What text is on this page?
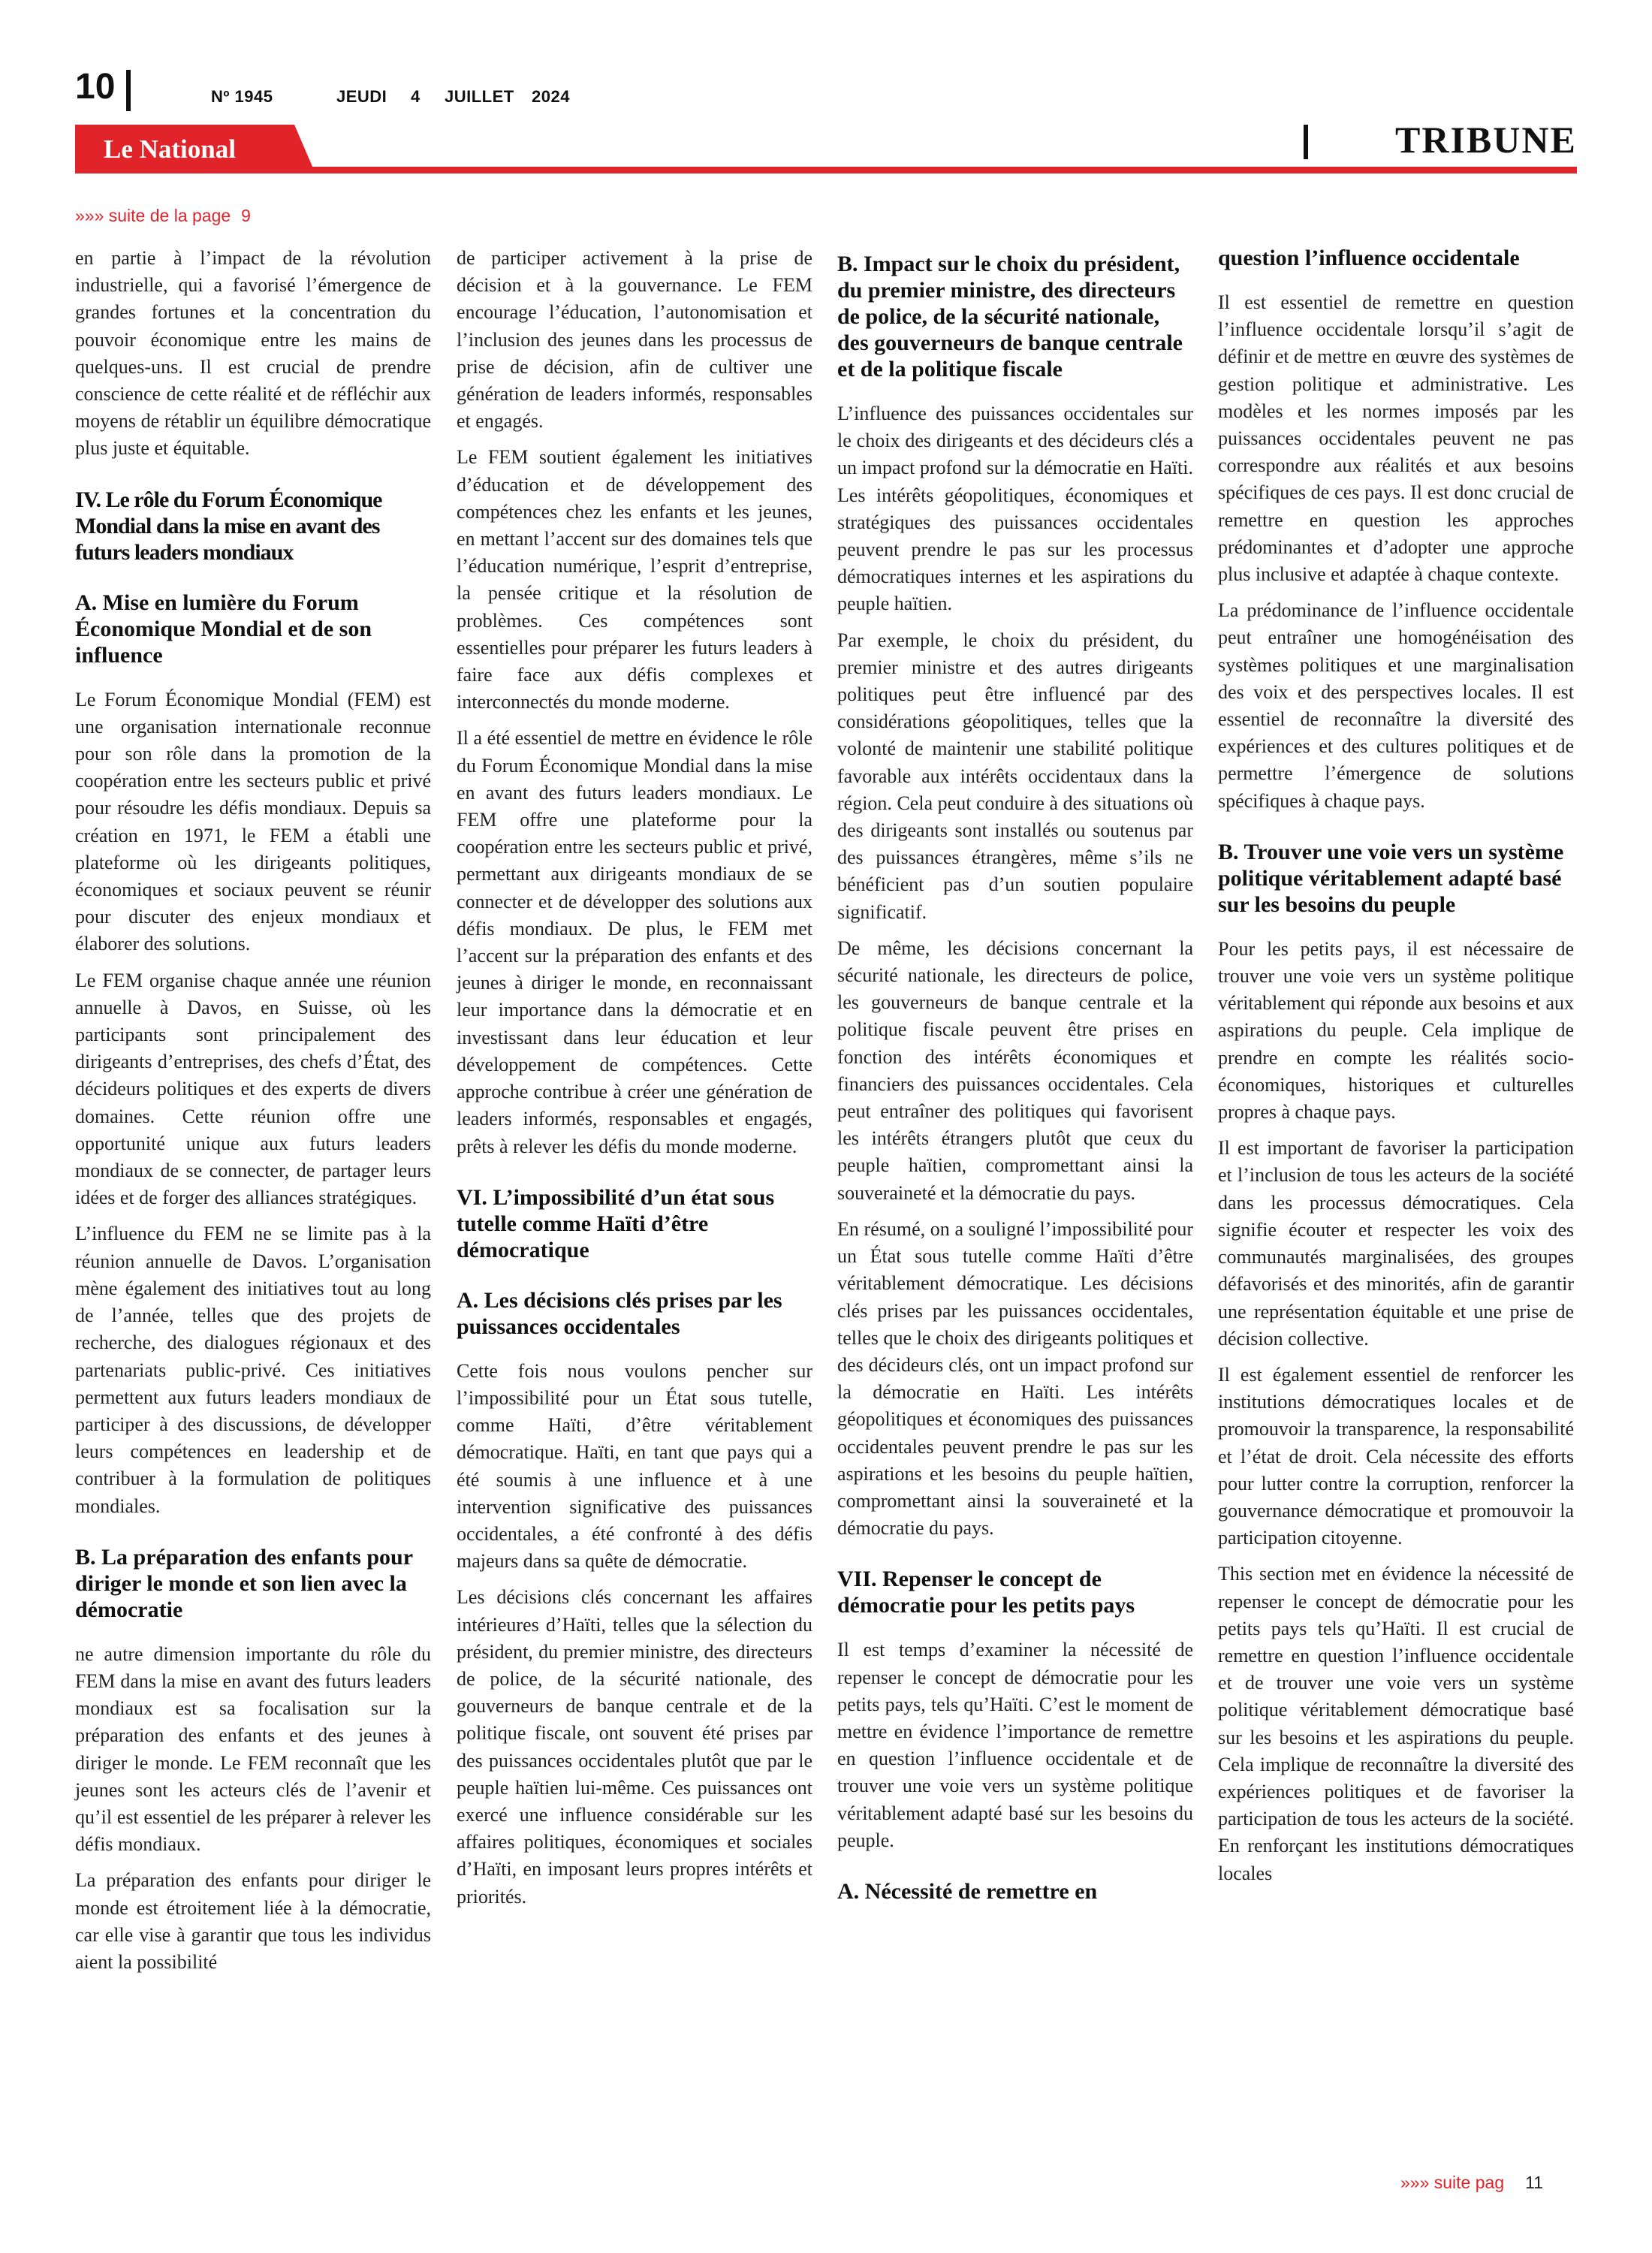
10	Nº 1945	JEUDI 4 JUILLET 2024
Le National	TRIBUNE
»»» suite de la page 9

en partie à l’impact de la révolution industrielle, qui a favorisé l’émergence de grandes fortunes et la concentration du pouvoir économique entre les mains de quelques-uns. Il est crucial de prendre conscience de cette réalité et de réfléchir aux moyens de rétablir un équilibre démocratique plus juste et équitable.

IV. Le rôle du Forum Économique Mondial dans la mise en avant des futurs leaders mondiaux
A. Mise en lumière du Forum Économique Mondial et de son influence

Le Forum Économique Mondial (FEM) est une organisation internationale reconnue pour son rôle dans la promotion de la coopération entre les secteurs public et privé pour résoudre les défis mondiaux. Depuis sa création en 1971, le FEM a établi une plateforme où les dirigeants politiques, économiques et sociaux peuvent se réunir pour discuter des enjeux mondiaux et élaborer des solutions.

Le FEM organise chaque année une réunion annuelle à Davos, en Suisse, où les participants sont principalement des dirigeants d’entreprises, des chefs d’État, des décideurs politiques et des experts de divers domaines. Cette réunion offre une opportunité unique aux futurs leaders mondiaux de se connecter, de partager leurs idées et de forger des alliances stratégiques.

L’influence du FEM ne se limite pas à la réunion annuelle de Davos. L’organisation mène également des initiatives tout au long de l’année, telles que des projets de recherche, des dialogues régionaux et des partenariats public-privé. Ces initiatives permettent aux futurs leaders mondiaux de participer à des discussions, de développer leurs compétences en leadership et de contribuer à la formulation de politiques mondiales.

B. La préparation des enfants pour diriger le monde et son lien avec la démocratie

ne autre dimension importante du rôle du FEM dans la mise en avant des futurs leaders mondiaux est sa focalisation sur la préparation des enfants et des jeunes à diriger le monde. Le FEM reconnaît que les jeunes sont les acteurs clés de l’avenir et qu’il est essentiel de les préparer à relever les défis mondiaux.

La préparation des enfants pour diriger le monde est étroitement liée à la démocratie, car elle vise à garantir que tous les individus aient la possibilité

de participer activement à la prise de décision et à la gouvernance. Le FEM encourage l’éducation, l’autonomisation et l’inclusion des jeunes dans les processus de prise de décision, afin de cultiver une génération de leaders informés, responsables et engagés.

Le FEM soutient également les initiatives d’éducation et de développement des compétences chez les enfants et les jeunes, en mettant l’accent sur des domaines tels que l’éducation numérique, l’esprit d’entreprise, la pensée critique et la résolution de problèmes. Ces compétences sont essentielles pour préparer les futurs leaders à faire face aux défis complexes et interconnectés du monde moderne.

Il a été essentiel de mettre en évidence le rôle du Forum Économique Mondial dans la mise en avant des futurs leaders mondiaux. Le FEM offre une plateforme pour la coopération entre les secteurs public et privé, permettant aux dirigeants mondiaux de se connecter et de développer des solutions aux défis mondiaux. De plus, le FEM met l’accent sur la préparation des enfants et des jeunes à diriger le monde, en reconnaissant leur importance dans la démocratie et en investissant dans leur éducation et leur développement de compétences. Cette approche contribue à créer une génération de leaders informés, responsables et engagés, prêts à relever les défis du monde moderne.

VI. L’impossibilité d’un état sous tutelle comme Haïti d’être démocratique
A. Les décisions clés prises par les puissances occidentales

Cette fois nous voulons pencher sur l’impossibilité pour un État sous tutelle, comme Haïti, d’être véritablement démocratique. Haïti, en tant que pays qui a été soumis à une influence et à une intervention significative des puissances occidentales, a été confronté à des défis majeurs dans sa quête de démocratie.

Les décisions clés concernant les affaires intérieures d’Haïti, telles que la sélection du président, du premier ministre, des directeurs de police, de la sécurité nationale, des gouverneurs de banque centrale et de la politique fiscale, ont souvent été prises par des puissances occidentales plutôt que par le peuple haïtien lui-même. Ces puissances ont exercé une influence considérable sur les affaires politiques, économiques et sociales d’Haïti, en imposant leurs propres intérêts et priorités.

B. Impact sur le choix du président, du premier ministre, des directeurs de police, de la sécurité nationale, des gouverneurs de banque centrale et de la politique fiscale

L’influence des puissances occidentales sur le choix des dirigeants et des décideurs clés a un impact profond sur la démocratie en Haïti. Les intérêts géopolitiques, économiques et stratégiques des puissances occidentales peuvent prendre le pas sur les processus démocratiques internes et les aspirations du peuple haïtien.

Par exemple, le choix du président, du premier ministre et des autres dirigeants politiques peut être influencé par des considérations géopolitiques, telles que la volonté de maintenir une stabilité politique favorable aux intérêts occidentaux dans la région. Cela peut conduire à des situations où des dirigeants sont installés ou soutenus par des puissances étrangères, même s’ils ne bénéficient pas d’un soutien populaire significatif.

De même, les décisions concernant la sécurité nationale, les directeurs de police, les gouverneurs de banque centrale et la politique fiscale peuvent être prises en fonction des intérêts économiques et financiers des puissances occidentales. Cela peut entraîner des politiques qui favorisent les intérêts étrangers plutôt que ceux du peuple haïtien, compromettant ainsi la souveraineté et la démocratie du pays.

En résumé, on a souligné l’impossibilité pour un État sous tutelle comme Haïti d’être véritablement démocratique. Les décisions clés prises par les puissances occidentales, telles que le choix des dirigeants politiques et des décideurs clés, ont un impact profond sur la démocratie en Haïti. Les intérêts géopolitiques et économiques des puissances occidentales peuvent prendre le pas sur les aspirations et les besoins du peuple haïtien, compromettant ainsi la souveraineté et la démocratie du pays.

VII. Repenser le concept de démocratie pour les petits pays

Il est temps d’examiner la nécessité de repenser le concept de démocratie pour les petits pays, tels qu’Haïti. C’est le moment de mettre en évidence l’importance de remettre en question l’influence occidentale et de trouver une voie vers un système politique véritablement adapté basé sur les besoins du peuple.

A. Nécessité de remettre en
question l’influence occidentale

Il est essentiel de remettre en question l’influence occidentale lorsqu’il s’agit de définir et de mettre en œuvre des systèmes de gestion politique et administrative. Les modèles et les normes imposés par les puissances occidentales peuvent ne pas correspondre aux réalités et aux besoins spécifiques de ces pays. Il est donc crucial de remettre en question les approches prédominantes et d’adopter une approche plus inclusive et adaptée à chaque contexte.

La prédominance de l’influence occidentale peut entraîner une homogénéisation des systèmes politiques et une marginalisation des voix et des perspectives locales. Il est essentiel de reconnaître la diversité des expériences et des cultures politiques et de permettre l’émergence de solutions spécifiques à chaque pays.

B. Trouver une voie vers un système politique véritablement adapté basé sur les besoins du peuple

Pour les petits pays, il est nécessaire de trouver une voie vers un système politique véritablement qui réponde aux besoins et aux aspirations du peuple. Cela implique de prendre en compte les réalités socio-économiques, historiques et culturelles propres à chaque pays.

Il est important de favoriser la participation et l’inclusion de tous les acteurs de la société dans les processus démocratiques. Cela signifie écouter et respecter les voix des communautés marginalisées, des groupes défavorisés et des minorités, afin de garantir une représentation équitable et une prise de décision collective.

Il est également essentiel de renforcer les institutions démocratiques locales et de promouvoir la transparence, la responsabilité et l’état de droit. Cela nécessite des efforts pour lutter contre la corruption, renforcer la gouvernance démocratique et promouvoir la participation citoyenne.

This section met en évidence la nécessité de repenser le concept de démocratie pour les petits pays tels qu’Haïti. Il est crucial de remettre en question l’influence occidentale et de trouver une voie vers un système politique véritablement démocratique basé sur les besoins et les aspirations du peuple. Cela implique de reconnaître la diversité des expériences politiques et de favoriser la participation de tous les acteurs de la société. En renforçant les institutions démocratiques locales

»»» suite pag 11
